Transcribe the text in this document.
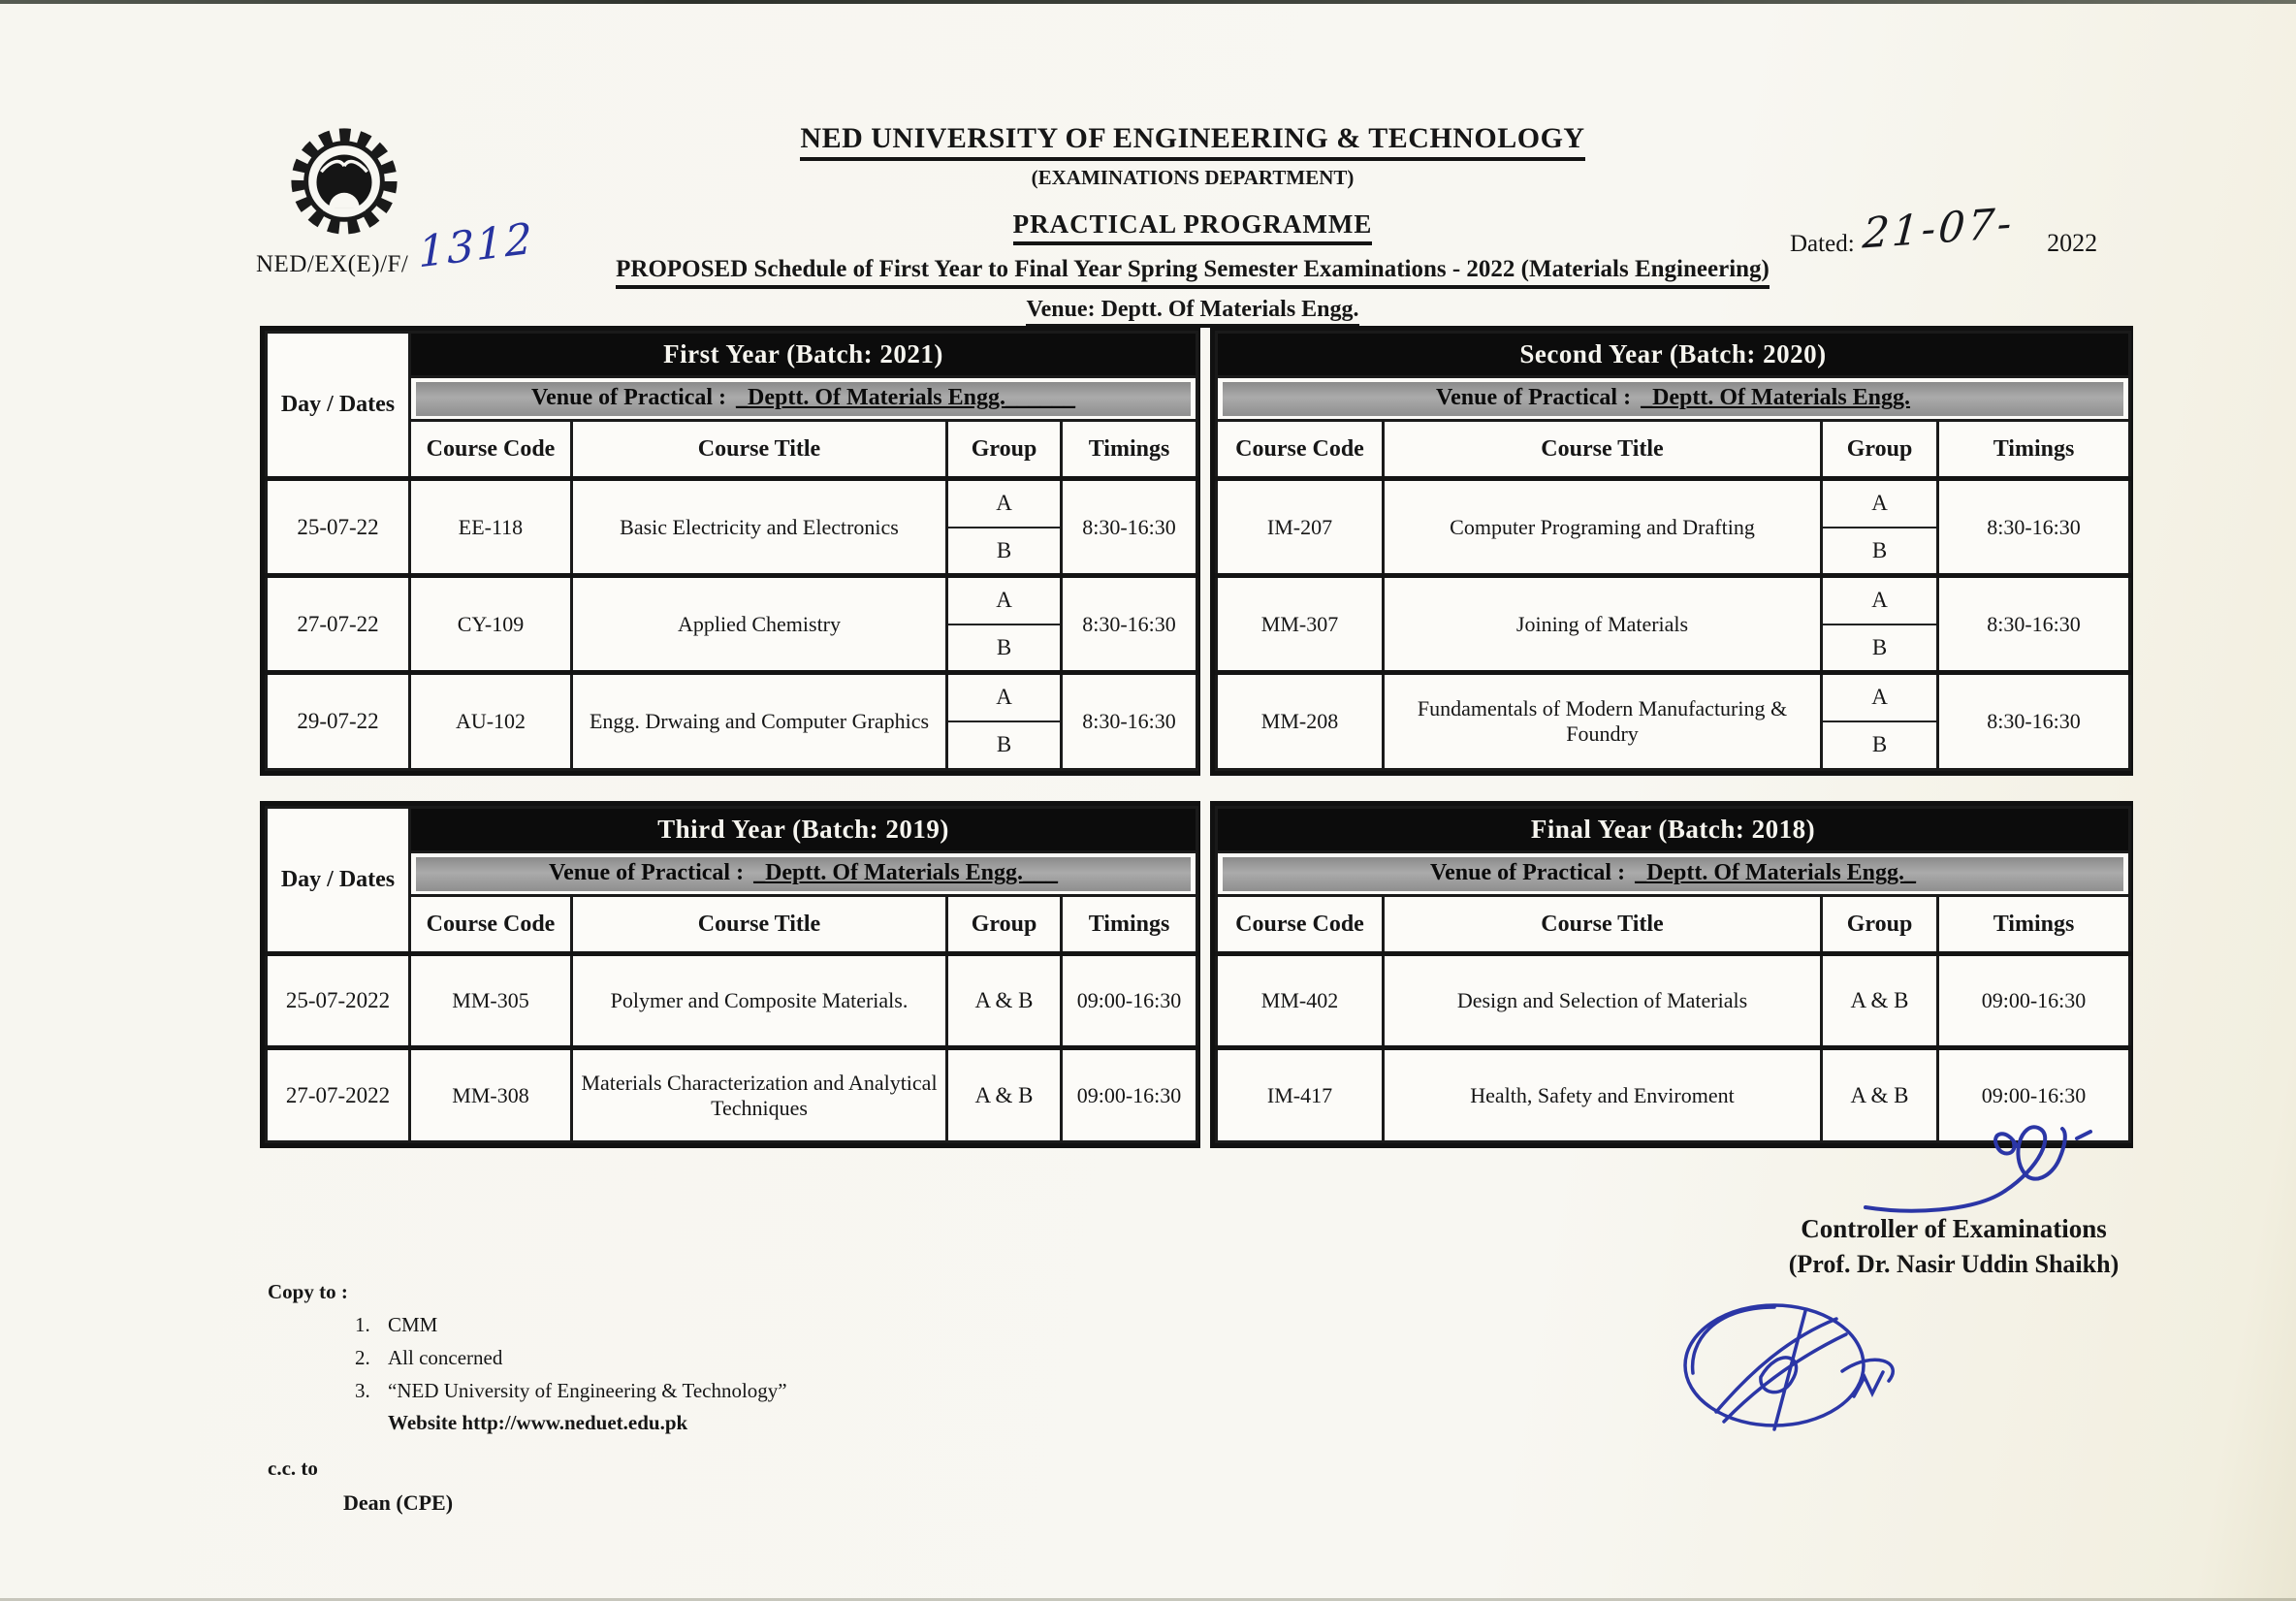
NED/EX(E)/F/ 1312
NED UNIVERSITY OF ENGINEERING & TECHNOLOGY
(EXAMINATIONS DEPARTMENT)
PRACTICAL PROGRAMME
Dated: 21-07- 2022
PROPOSED Schedule of First Year to Final Year Spring Semester Examinations - 2022 (Materials Engineering)
Venue: Deptt. Of Materials Engg.
Day / Dates	First Year (Batch: 2021)			

	Venue of Practical : _Deptt. Of Materials Engg.______			

	Course Code	Course Title	Group	Timings
25-07-22	EE-118	Basic Electricity and Electronics	A	8:30-16:30
			B	
27-07-22	CY-109	Applied Chemistry	A	8:30-16:30
			B	
29-07-22	AU-102	Engg. Drwaing and Computer Graphics	A	8:30-16:30
			B	
Second Year (Batch: 2020)			

Venue of Practical : _Deptt. Of Materials Engg.			

Course Code	Course Title	Group	Timings
IM-207	Computer Programing and Drafting	A	8:30-16:30
		B	
MM-307	Joining of Materials	A	8:30-16:30
		B	
MM-208	Fundamentals of Modern Manufacturing & Foundry	A	8:30-16:30
		B	
Day / Dates	Third Year (Batch: 2019)			

	Venue of Practical : _Deptt. Of Materials Engg.___			

	Course Code	Course Title	Group	Timings
25-07-2022	MM-305	Polymer and Composite Materials.	A & B	09:00-16:30
27-07-2022	MM-308	Materials Characterization and Analytical Techniques	A & B	09:00-16:30
Final Year (Batch: 2018)			

Venue of Practical : _Deptt. Of Materials Engg._			

Course Code	Course Title	Group	Timings
MM-402	Design and Selection of Materials	A & B	09:00-16:30
IM-417	Health, Safety and Enviroment	A & B	09:00-16:30
Controller of Examinations
(Prof. Dr. Nasir Uddin Shaikh)
Copy to :
1. CMM
2. All concerned
3. “NED University of Engineering & Technology”
Website http://www.neduet.edu.pk
c.c. to
Dean (CPE)
